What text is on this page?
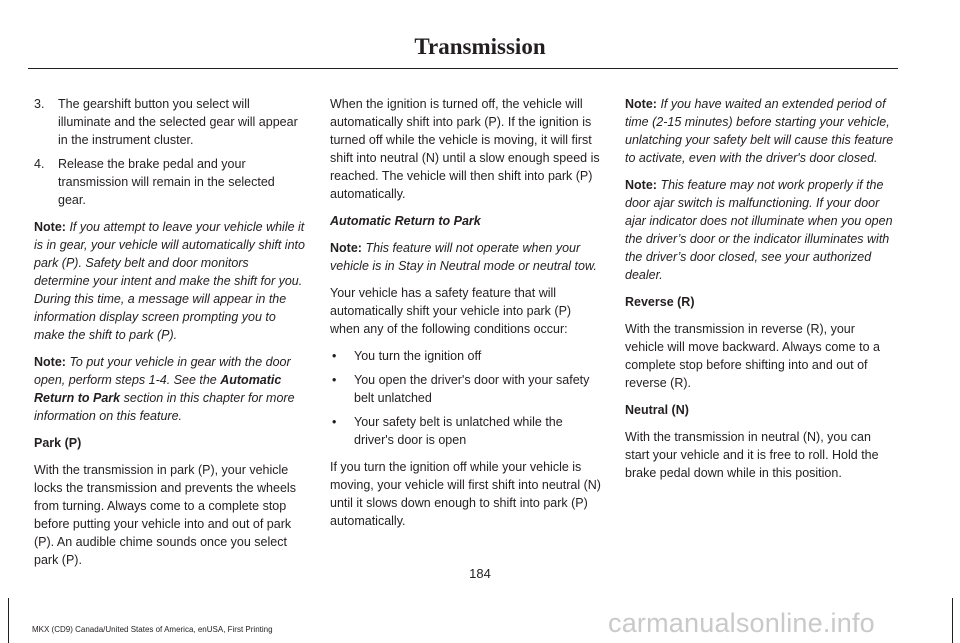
Transmission
3. The gearshift button you select will illuminate and the selected gear will appear in the instrument cluster.
4. Release the brake pedal and your transmission will remain in the selected gear.

Note: If you attempt to leave your vehicle while it is in gear, your vehicle will automatically shift into park (P). Safety belt and door monitors determine your intent and make the shift for you. During this time, a message will appear in the information display screen prompting you to make the shift to park (P).

Note: To put your vehicle in gear with the door open, perform steps 1-4. See the Automatic Return to Park section in this chapter for more information on this feature.

Park (P)

With the transmission in park (P), your vehicle locks the transmission and prevents the wheels from turning. Always come to a complete stop before putting your vehicle into and out of park (P). An audible chime sounds once you select park (P).

When the ignition is turned off, the vehicle will automatically shift into park (P). If the ignition is turned off while the vehicle is moving, it will first shift into neutral (N) until a slow enough speed is reached. The vehicle will then shift into park (P) automatically.

Automatic Return to Park

Note: This feature will not operate when your vehicle is in Stay in Neutral mode or neutral tow.

Your vehicle has a safety feature that will automatically shift your vehicle into park (P) when any of the following conditions occur:

• You turn the ignition off
• You open the driver's door with your safety belt unlatched
• Your safety belt is unlatched while the driver's door is open

If you turn the ignition off while your vehicle is moving, your vehicle will first shift into neutral (N) until it slows down enough to shift into park (P) automatically.

Note: If you have waited an extended period of time (2-15 minutes) before starting your vehicle, unlatching your safety belt will cause this feature to activate, even with the driver's door closed.

Note: This feature may not work properly if the door ajar switch is malfunctioning. If your door ajar indicator does not illuminate when you open the driver’s door or the indicator illuminates with the driver’s door closed, see your authorized dealer.

Reverse (R)

With the transmission in reverse (R), your vehicle will move backward. Always come to a complete stop before shifting into and out of reverse (R).

Neutral (N)

With the transmission in neutral (N), you can start your vehicle and it is free to roll. Hold the brake pedal down while in this position.

184
MKX (CD9) Canada/United States of America, enUSA, First Printing	carmanualsonline.info
